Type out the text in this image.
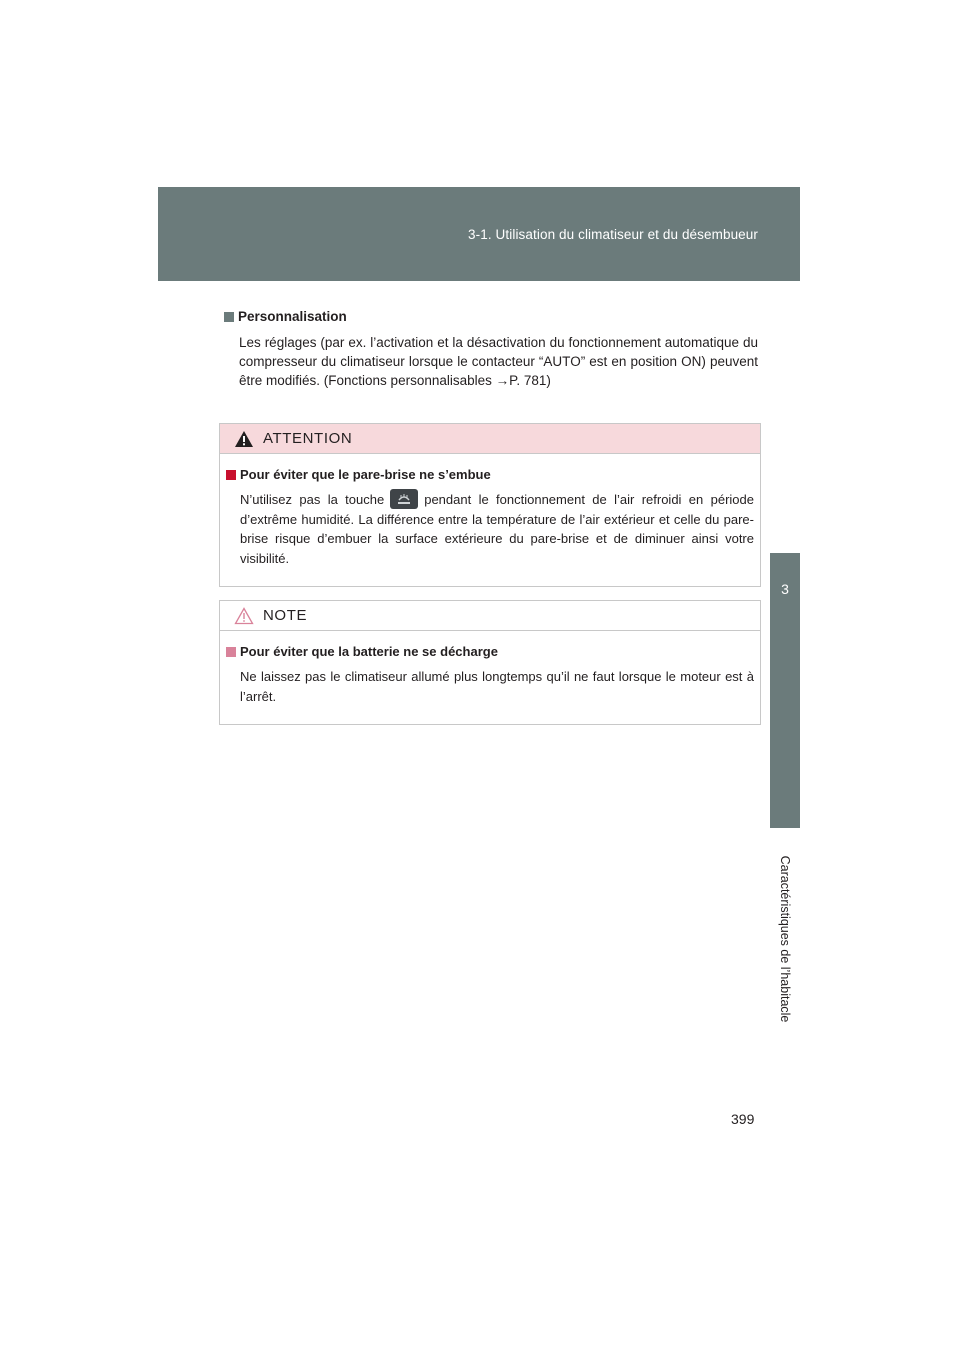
3-1. Utilisation du climatiseur et du désembueur
3
Caractéristiques de l’habitacle
Personnalisation
Les réglages (par ex. l’activation et la désactivation du fonctionnement automatique du compresseur du climatiseur lorsque le contacteur “AUTO” est en position ON) peuvent être modifiés. (Fonctions personnalisables →P. 781)
ATTENTION
Pour éviter que le pare-brise ne s’embue
N’utilisez pas la touche	pendant le fonctionnement de l’air refroidi en période d’extrême humidité. La différence entre la température de l’air extérieur et celle du pare-brise risque d’embuer la surface extérieure du pare-brise et de diminuer ainsi votre visibilité.
NOTE
Pour éviter que la batterie ne se décharge
Ne laissez pas le climatiseur allumé plus longtemps qu’il ne faut lorsque le moteur est à l’arrêt.
399
